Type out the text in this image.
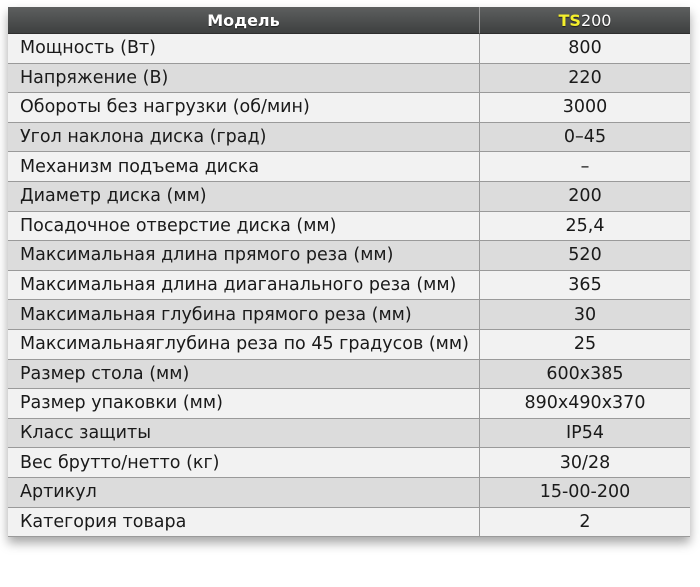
Модель	TS200
Мощность (Вт)	800
Напряжение (В)	220
Обороты без нагрузки (об/мин)	3000
Угол наклона диска (град)	0–45
Механизм подъема диска	–
Диаметр диска (мм)	200
Посадочное отверстие диска (мм)	25,4
Максимальная длина прямого реза (мм)	520
Максимальная длина диаганального реза (мм)	365
Максимальная глубина прямого реза (мм)	30
Максимальнаяглубина реза по 45 градусов (мм)	25
Размер стола (мм)	600х385
Размер упаковки (мм)	890х490х370
Класс защиты	IP54
Вес брутто/нетто (кг)	30/28
Артикул	15-00-200
Категория товара	2
